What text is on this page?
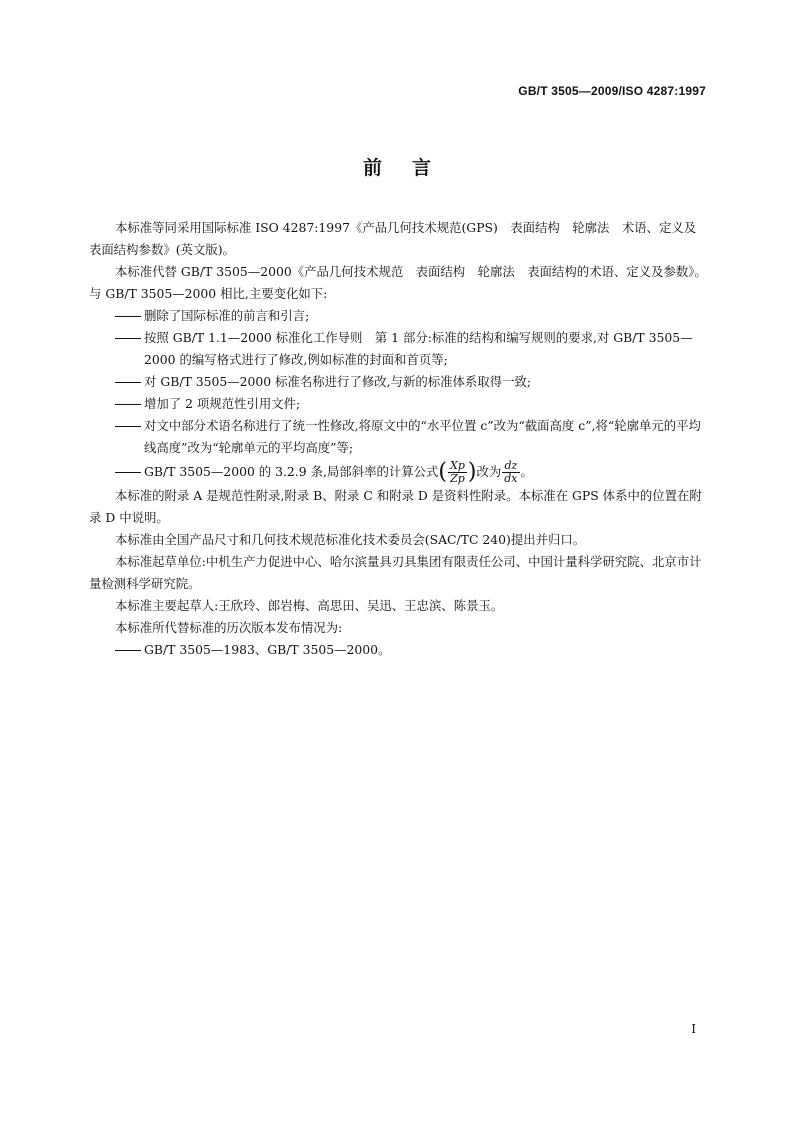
GB/T 3505—2009/ISO 4287:1997
前言

本标准等同采用国际标准 ISO 4287:1997《产品几何技术规范(GPS)　表面结构　轮廓法　术语、定义及表面结构参数》(英文版)。

本标准代替 GB/T 3505—2000《产品几何技术规范　表面结构　轮廓法　表面结构的术语、定义及参数》。与 GB/T 3505—2000 相比,主要变化如下:

删除了国际标准的前言和引言;

按照 GB/T 1.1—2000 标准化工作导则　第 1 部分:标准的结构和编写规则的要求,对 GB/T 3505—2000 的编写格式进行了修改,例如标准的封面和首页等;

对 GB/T 3505—2000 标准名称进行了修改,与新的标准体系取得一致;

增加了 2 项规范性引用文件;

对文中部分术语名称进行了统一性修改,将原文中的“水平位置 c”改为“截面高度 c”,将“轮廓单元的平均线高度”改为“轮廓单元的平均高度”等;

GB/T 3505—2000 的 3.2.9 条,局部斜率的计算公式( $\frac{Xp}{Zp}$ )改为 $\frac{dz}{dx}$ 。

本标准的附录 A 是规范性附录,附录 B、附录 C 和附录 D 是资料性附录。本标准在 GPS 体系中的位置在附录 D 中说明。

本标准由全国产品尺寸和几何技术规范标准化技术委员会(SAC/TC 240)提出并归口。

本标准起草单位:中机生产力促进中心、哈尔滨量具刃具集团有限责任公司、中国计量科学研究院、北京市计量检测科学研究院。

本标准主要起草人:王欣玲、郎岩梅、高思田、吴迅、王忠滨、陈景玉。

本标准所代替标准的历次版本发布情况为:

GB/T 3505—1983、GB/T 3505—2000。

I
